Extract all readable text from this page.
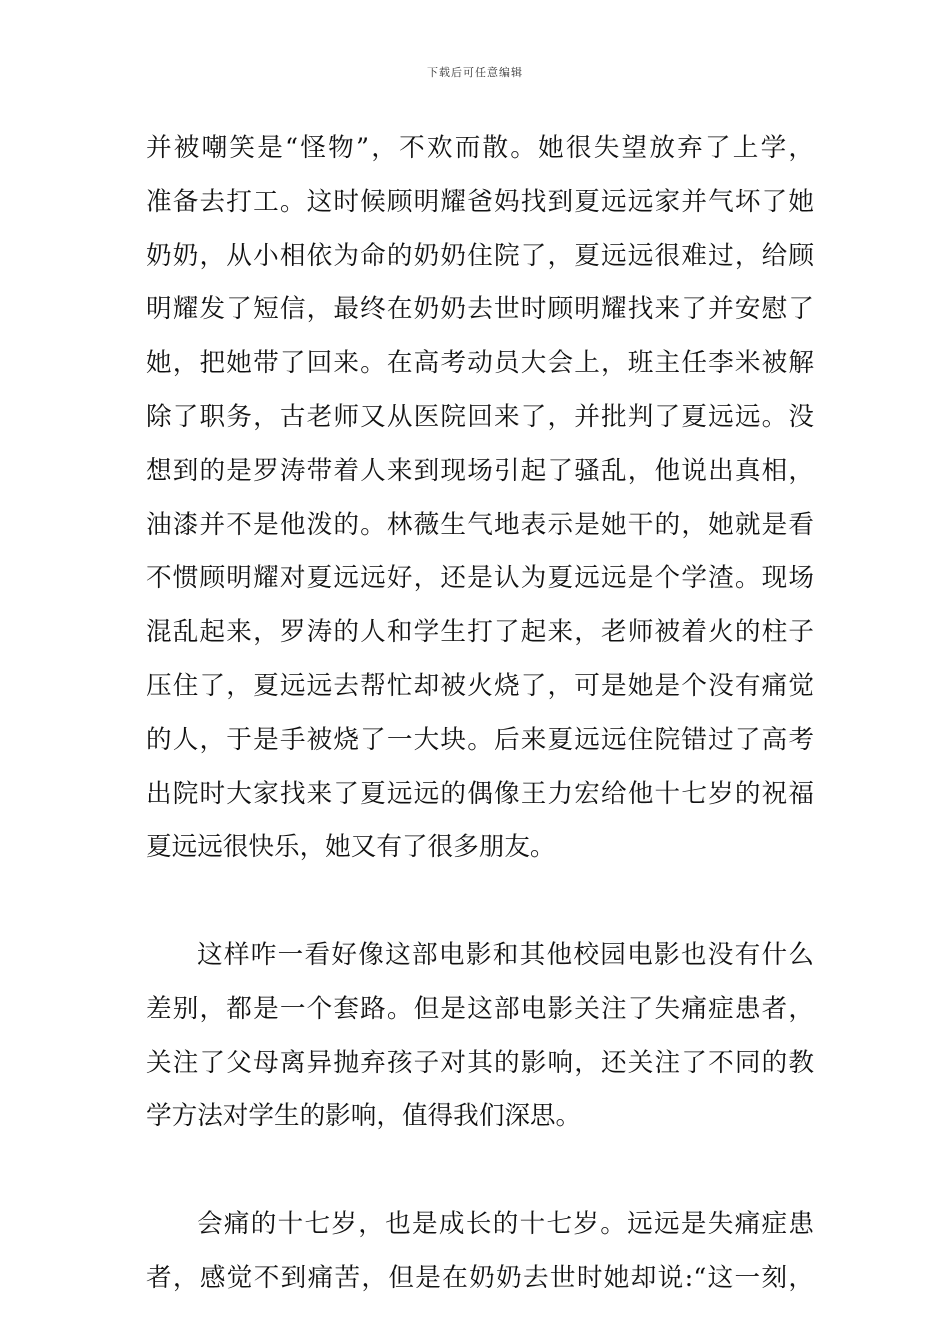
下载后可任意编辑
并被嘲笑是“怪物”，不欢而散。她很失望放弃了上学，
准备去打工。这时候顾明耀爸妈找到夏远远家并气坏了她
奶奶，从小相依为命的奶奶住院了，夏远远很难过，给顾
明耀发了短信，最终在奶奶去世时顾明耀找来了并安慰了
她，把她带了回来。在高考动员大会上，班主任李米被解
除了职务，古老师又从医院回来了，并批判了夏远远。没
想到的是罗涛带着人来到现场引起了骚乱，他说出真相，
油漆并不是他泼的。林薇生气地表示是她干的，她就是看
不惯顾明耀对夏远远好，还是认为夏远远是个学渣。现场
混乱起来，罗涛的人和学生打了起来，老师被着火的柱子
压住了，夏远远去帮忙却被火烧了，可是她是个没有痛觉
的人，于是手被烧了一大块。后来夏远远住院错过了高考
出院时大家找来了夏远远的偶像王力宏给他十七岁的祝福
夏远远很快乐，她又有了很多朋友。
这样咋一看好像这部电影和其他校园电影也没有什么
差别，都是一个套路。但是这部电影关注了失痛症患者，
关注了父母离异抛弃孩子对其的影响，还关注了不同的教
学方法对学生的影响，值得我们深思。
会痛的十七岁，也是成长的十七岁。远远是失痛症患
者，感觉不到痛苦，但是在奶奶去世时她却说:“这一刻，
